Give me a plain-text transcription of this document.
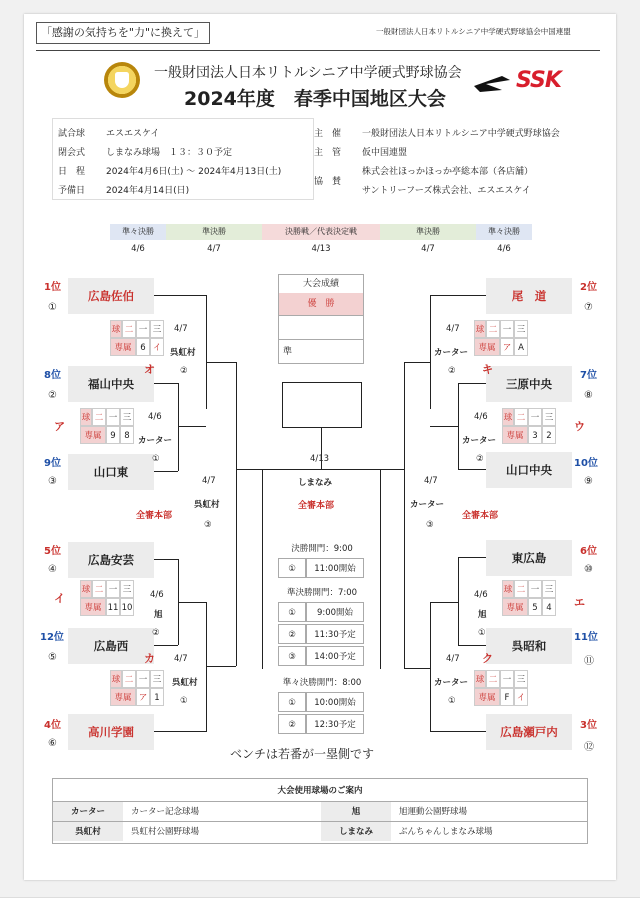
「感謝の気持ちを"力"に換えて」	一般財団法人日本リトルシニア中学硬式野球協会中国連盟
一般財団法人日本リトルシニア中学硬式野球協会
2024年度　春季中国地区大会
SSK
試合球 エスエスケイ
閉会式 しまなみ球場　１３：３０予定
日　程 2024年4月6日(土) ～ 2024年4月13日(土)
予備日 2024年4月14日(日)
主　催 一般財団法人日本リトルシニア中学硬式野球協会
主　管 仮中国連盟
協　賛
株式会社ほっかほっか亭総本部（各店舗）
サントリーフーズ株式会社、エスエスケイ
準々決勝	準決勝	決勝戦／代表決定戦	準決勝	準々決勝
4/6	4/7	4/13	4/7	4/6
大会成績
優　勝
準
1位
①
広島佐伯
8位
②
福山中央
9位
③
山口東
5位
④
広島安芸
12位
⑤
広島西
4位
⑥
高川学園
尾　道
2位
⑦
三原中央
7位
⑧
山口中央	10位
⑨
東広島	6位
⑩
呉昭和
11位
⑪
広島瀬戸内	3位
⑫
球 二 一 三
専属	6 イ
球 二 一 三
専属	9	8
球 二 一 三
専属 11 10
球 二 一 三
専属 ア 1
球 二 一 三
専属 ア A
球 二 一 三
専属	3	2
球 二 一 三
専属	5	4
球 二 一 三
専属	F イ
4/7
呉虹村
②
4/6
カーター
①
4/7
呉虹村
③
4/6
旭
②
4/7
呉虹村
①
4/7
カーター
②
4/6
カーター
②
4/7
カーター
③
4/6
旭
①
4/7
カーター
①
4/13
しまなみ
全審本部
全審本部	全審本部
オ
ア
イ
カ
キ
ウ
エ
ク
決勝開門：9:00
①	11:00開始
準決勝開門：7:00
①	9:00開始
②	11:30予定
③	14:00予定
準々決勝開門：8:00
①	10:00開始
②	12:30予定
ベンチは若番が一塁側です
大会使用球場のご案内
カーター	カーター記念球場	旭	旭運動公園野球場
呉虹村	呉虹村公園野球場	しまなみ	ぶんちゃんしまなみ球場
